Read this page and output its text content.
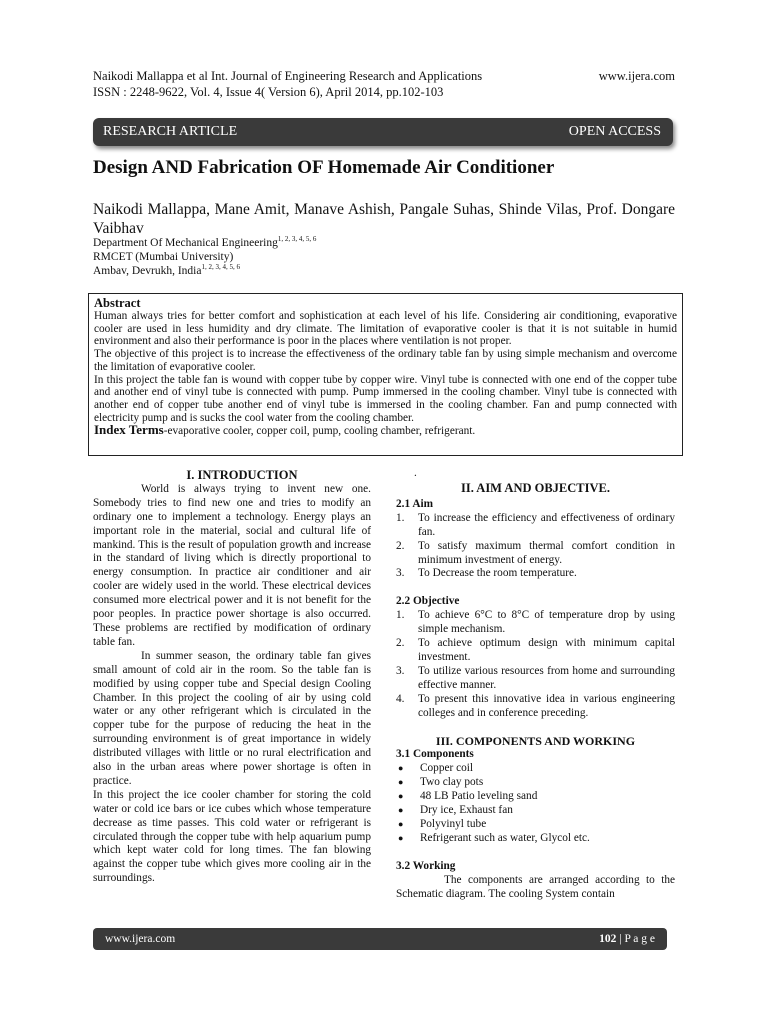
Naikodi Mallappa et al Int. Journal of Engineering Research and Applications	www.ijera.com
ISSN : 2248-9622, Vol. 4, Issue 4( Version 6), April 2014, pp.102-103
RESEARCH ARTICLE	OPEN ACCESS
Design AND Fabrication OF Homemade Air Conditioner
Naikodi Mallappa, Mane Amit, Manave Ashish, Pangale Suhas, Shinde Vilas, Prof. Dongare Vaibhav
Department Of Mechanical Engineering$^{1, 2, 3, 4, 5, 6}$
RMCET (Mumbai University)
Ambav, Devrukh, India$^{1, 2, 3, 4, 5, 6}$
Abstract

Human always tries for better comfort and sophistication at each level of his life. Considering air conditioning, evaporative cooler are used in less humidity and dry climate. The limitation of evaporative cooler is that it is not suitable in humid environment and also their performance is poor in the places where ventilation is not proper.

The objective of this project is to increase the effectiveness of the ordinary table fan by using simple mechanism and overcome the limitation of evaporative cooler.

In this project the table fan is wound with copper tube by copper wire. Vinyl tube is connected with one end of the copper tube and another end of vinyl tube is connected with pump. Pump immersed in the cooling chamber. Vinyl tube is connected with another end of copper tube another end of vinyl tube is immersed in the cooling chamber. Fan and pump connected with electricity pump and is sucks the cool water from the cooling chamber.

Index Terms-evaporative cooler, copper coil, pump, cooling chamber, refrigerant.

I. INTRODUCTION

World is always trying to invent new one. Somebody tries to find new one and tries to modify an ordinary one to implement a technology. Energy plays an important role in the material, social and cultural life of mankind. This is the result of population growth and increase in the standard of living which is directly proportional to energy consumption. In practice air conditioner and air cooler are widely used in the world. These electrical devices consumed more electrical power and it is not benefit for the poor peoples. In practice power shortage is also occurred. These problems are rectified by modification of ordinary table fan.

In summer season, the ordinary table fan gives small amount of cold air in the room. So the table fan is modified by using copper tube and Special design Cooling Chamber. In this project the cooling of air by using cold water or any other refrigerant which is circulated in the copper tube for the purpose of reducing the heat in the surrounding environment is of great importance in widely distributed villages with little or no rural electrification and also in the urban areas where power shortage is often in practice.

In this project the ice cooler chamber for storing the cold water or cold ice bars or ice cubes which whose temperature decrease as time passes. This cold water or refrigerant is circulated through the copper tube with help aquarium pump which kept water cold for long times. The fan blowing against the copper tube which gives more cooling air in the surroundings.

.
II. AIM AND OBJECTIVE.
2.1 Aim
1. To increase the efficiency and effectiveness of ordinary fan.
2. To satisfy maximum thermal comfort condition in minimum investment of energy.
3. To Decrease the room temperature.
2.2 Objective
1. To achieve 6°C to 8°C of temperature drop by using simple mechanism.
2. To achieve optimum design with minimum capital investment.
3. To utilize various resources from home and surrounding effective manner.
4. To present this innovative idea in various engineering colleges and in conference preceding.
III. COMPONENTS AND WORKING
3.1 Components
● Copper coil
● Two clay pots
● 48 LB Patio leveling sand
● Dry ice, Exhaust fan
● Polyvinyl tube
● Refrigerant such as water, Glycol etc.
3.2 Working

The components are arranged according to the Schematic diagram. The cooling System contain

www.ijera.com	102 | P a g e
